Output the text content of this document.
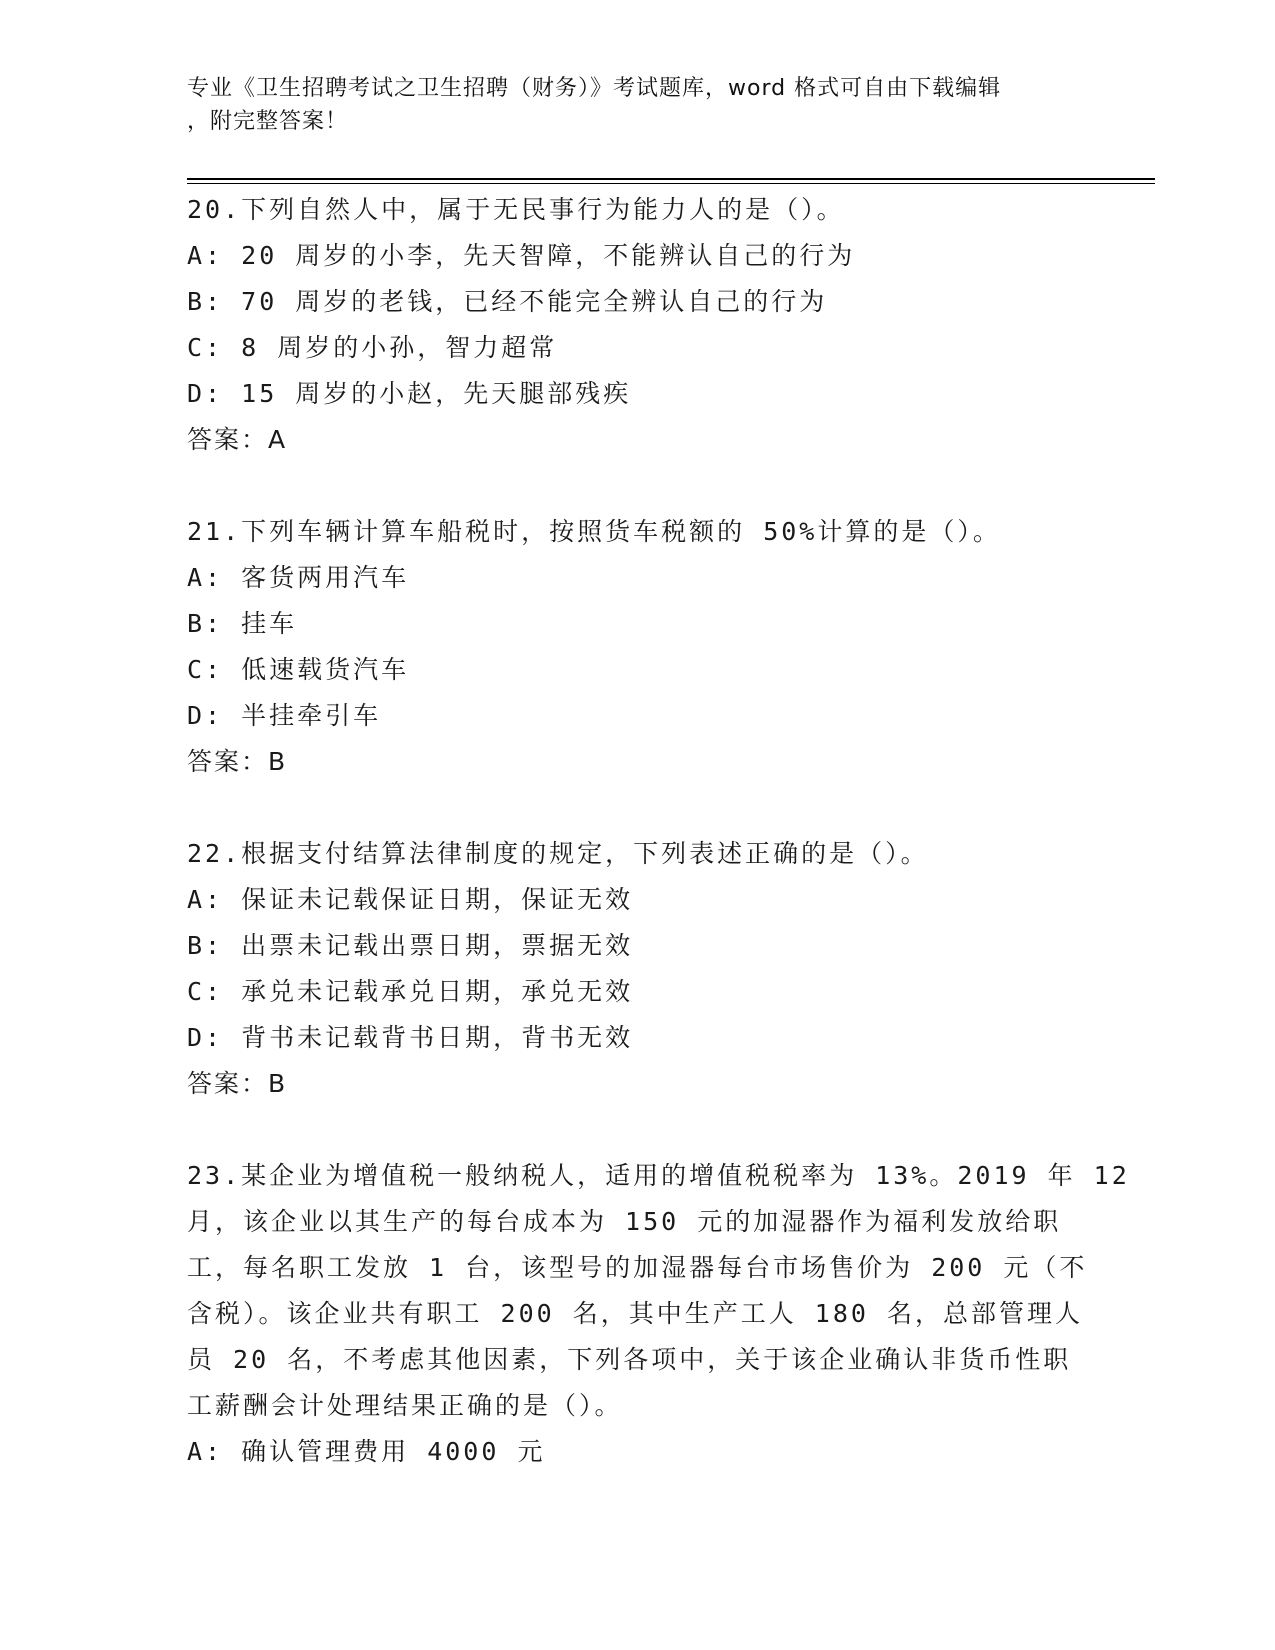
专业《卫生招聘考试之卫生招聘（财务）》考试题库，word 格式可自由下载编辑
，附完整答案！
20.下列自然人中，属于无民事行为能力人的是（）。
A: 20 周岁的小李，先天智障，不能辨认自己的行为
B: 70 周岁的老钱，已经不能完全辨认自己的行为
C: 8 周岁的小孙，智力超常
D: 15 周岁的小赵，先天腿部残疾
答案：A
21.下列车辆计算车船税时，按照货车税额的 50%计算的是（）。
A: 客货两用汽车
B: 挂车
C: 低速载货汽车
D: 半挂牵引车
答案：B
22.根据支付结算法律制度的规定，下列表述正确的是（）。
A: 保证未记载保证日期，保证无效
B: 出票未记载出票日期，票据无效
C: 承兑未记载承兑日期，承兑无效
D: 背书未记载背书日期，背书无效
答案：B
23.某企业为增值税一般纳税人，适用的增值税税率为 13%。2019 年 12
月，该企业以其生产的每台成本为 150 元的加湿器作为福利发放给职
工，每名职工发放 1 台，该型号的加湿器每台市场售价为 200 元（不
含税）。该企业共有职工 200 名，其中生产工人 180 名，总部管理人
员 20 名，不考虑其他因素，下列各项中，关于该企业确认非货币性职
工薪酬会计处理结果正确的是（）。
A: 确认管理费用 4000 元
